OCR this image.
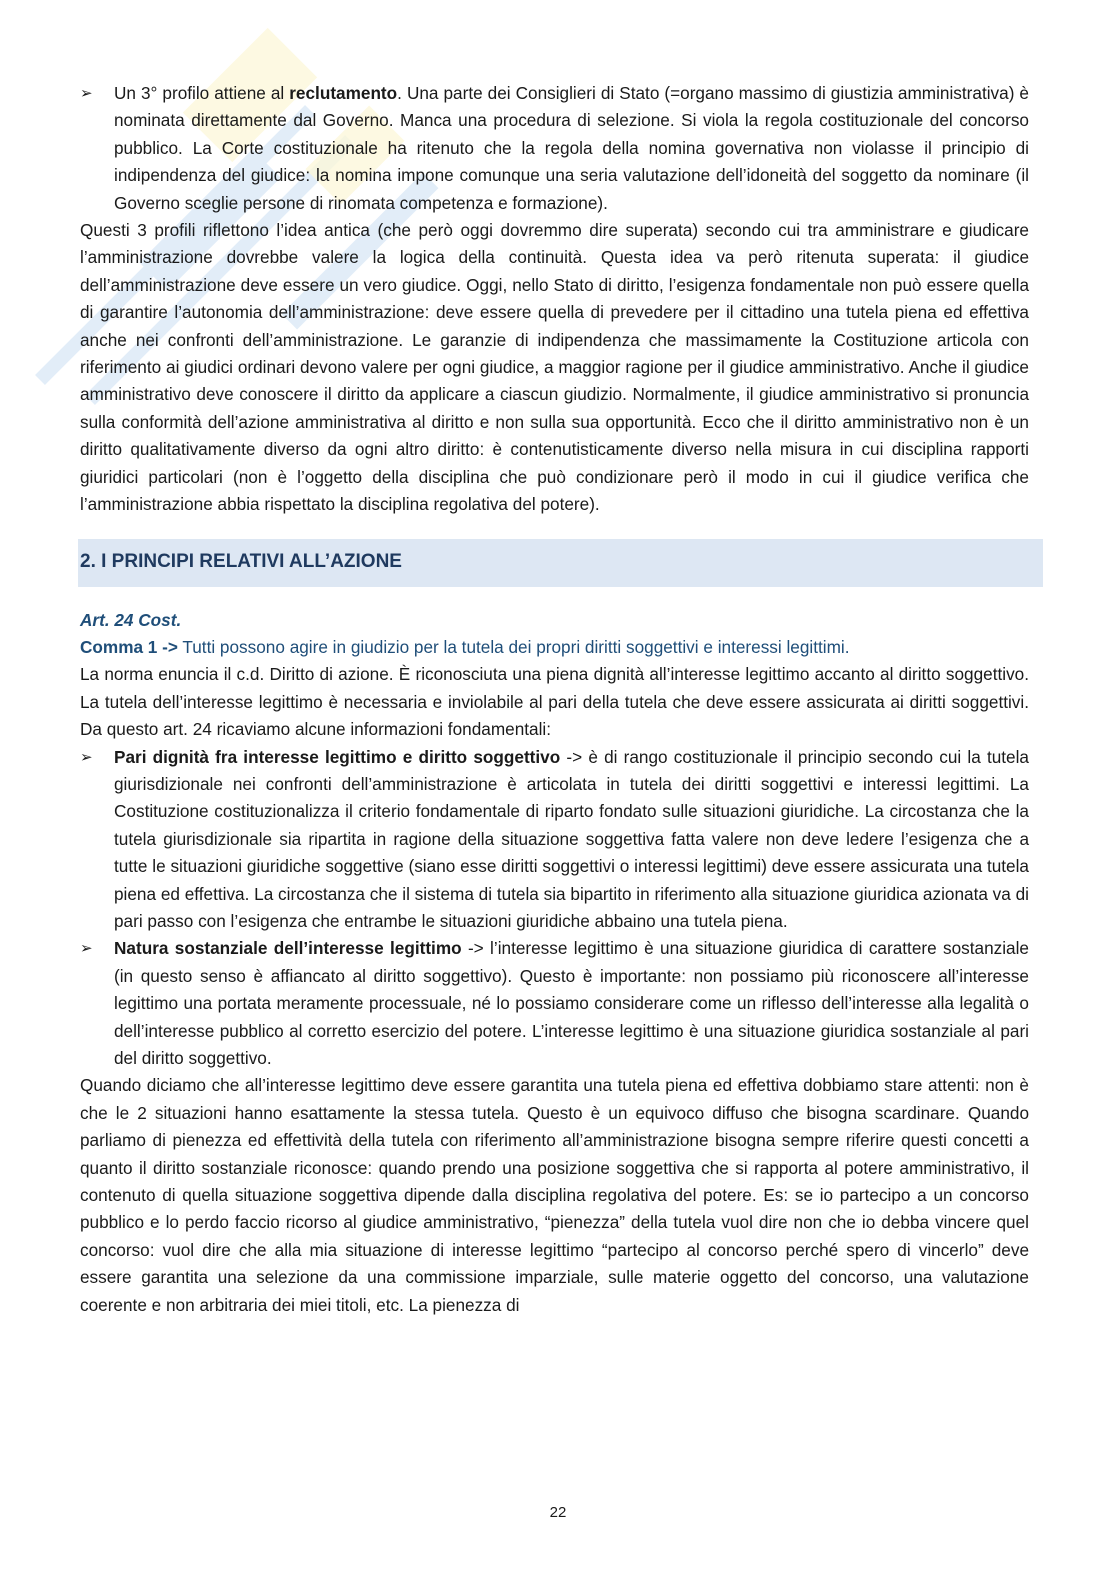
➢	Un 3° profilo attiene al reclutamento. Una parte dei Consiglieri di Stato (=organo massimo di giustizia amministrativa) è nominata direttamente dal Governo. Manca una procedura di selezione. Si viola la regola costituzionale del concorso pubblico. La Corte costituzionale ha ritenuto che la regola della nomina governativa non violasse il principio di indipendenza del giudice: la nomina impone comunque una seria valutazione dell’idoneità del soggetto da nominare (il Governo sceglie persone di rinomata competenza e formazione).

Questi 3 profili riflettono l’idea antica (che però oggi dovremmo dire superata) secondo cui tra amministrare e giudicare l’amministrazione dovrebbe valere la logica della continuità. Questa idea va però ritenuta superata: il giudice dell’amministrazione deve essere un vero giudice. Oggi, nello Stato di diritto, l’esigenza fondamentale non può essere quella di garantire l’autonomia dell’amministrazione: deve essere quella di prevedere per il cittadino una tutela piena ed effettiva anche nei confronti dell’amministrazione. Le garanzie di indipendenza che massimamente la Costituzione articola con riferimento ai giudici ordinari devono valere per ogni giudice, a maggior ragione per il giudice amministrativo. Anche il giudice amministrativo deve conoscere il diritto da applicare a ciascun giudizio. Normalmente, il giudice amministrativo si pronuncia sulla conformità dell’azione amministrativa al diritto e non sulla sua opportunità. Ecco che il diritto amministrativo non è un diritto qualitativamente diverso da ogni altro diritto: è contenutisticamente diverso nella misura in cui disciplina rapporti giuridici particolari (non è l’oggetto della disciplina che può condizionare però il modo in cui il giudice verifica che l’amministrazione abbia rispettato la disciplina regolativa del potere).

2. I PRINCIPI RELATIVI ALL’AZIONE
Art. 24 Cost.

Comma 1 -> Tutti possono agire in giudizio per la tutela dei propri diritti soggettivi e interessi legittimi.

La norma enuncia il c.d. Diritto di azione. È riconosciuta una piena dignità all’interesse legittimo accanto al diritto soggettivo. La tutela dell’interesse legittimo è necessaria e inviolabile al pari della tutela che deve essere assicurata ai diritti soggettivi. Da questo art. 24 ricaviamo alcune informazioni fondamentali:

➢	Pari dignità fra interesse legittimo e diritto soggettivo -> è di rango costituzionale il principio secondo cui la tutela giurisdizionale nei confronti dell’amministrazione è articolata in tutela dei diritti soggettivi e interessi legittimi. La Costituzione costituzionalizza il criterio fondamentale di riparto fondato sulle situazioni giuridiche. La circostanza che la tutela giurisdizionale sia ripartita in ragione della situazione soggettiva fatta valere non deve ledere l’esigenza che a tutte le situazioni giuridiche soggettive (siano esse diritti soggettivi o interessi legittimi) deve essere assicurata una tutela piena ed effettiva. La circostanza che il sistema di tutela sia bipartito in riferimento alla situazione giuridica azionata va di pari passo con l’esigenza che entrambe le situazioni giuridiche abbaino una tutela piena.
➢	Natura sostanziale dell’interesse legittimo -> l’interesse legittimo è una situazione giuridica di carattere sostanziale (in questo senso è affiancato al diritto soggettivo). Questo è importante: non possiamo più riconoscere all’interesse legittimo una portata meramente processuale, né lo possiamo considerare come un riflesso dell’interesse alla legalità o dell’interesse pubblico al corretto esercizio del potere. L’interesse legittimo è una situazione giuridica sostanziale al pari del diritto soggettivo.

Quando diciamo che all’interesse legittimo deve essere garantita una tutela piena ed effettiva dobbiamo stare attenti: non è che le 2 situazioni hanno esattamente la stessa tutela. Questo è un equivoco diffuso che bisogna scardinare. Quando parliamo di pienezza ed effettività della tutela con riferimento all’amministrazione bisogna sempre riferire questi concetti a quanto il diritto sostanziale riconosce: quando prendo una posizione soggettiva che si rapporta al potere amministrativo, il contenuto di quella situazione soggettiva dipende dalla disciplina regolativa del potere. Es: se io partecipo a un concorso pubblico e lo perdo faccio ricorso al giudice amministrativo, “pienezza” della tutela vuol dire non che io debba vincere quel concorso: vuol dire che alla mia situazione di interesse legittimo “partecipo al concorso perché spero di vincerlo” deve essere garantita una selezione da una commissione imparziale, sulle materie oggetto del concorso, una valutazione coerente e non arbitraria dei miei titoli, etc. La pienezza di

22
